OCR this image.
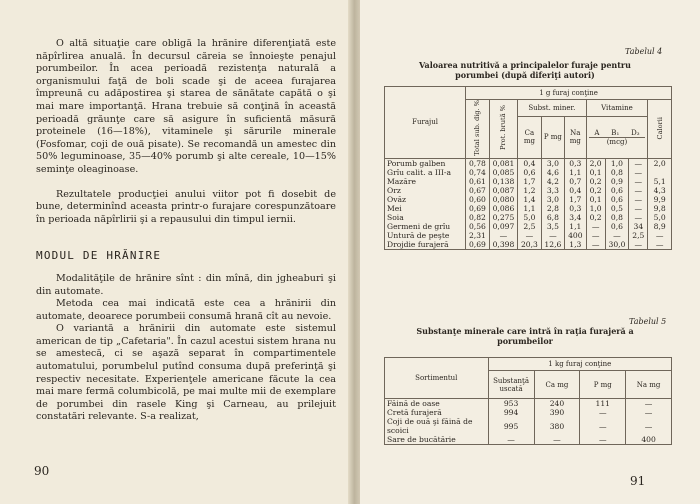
O altă situaţie care obligă la hrănire diferenţiată este năpîrlirea anuală. În decursul căreia se înnoieşte penajul porumbeilor. În acea perioadă rezistenţa naturală a organismului faţă de boli scade şi de aceea furajarea împreună cu adăpostirea şi starea de sănătate capătă o şi mai mare importanţă. Hrana trebuie să conţină în această perioadă grăunţe care să asigure în suficientă măsură proteinele (16—18%), vitaminele şi sărurile minerale (Fosfomar, coji de ouă pisate). Se recomandă un amestec din 50% leguminoase, 35—40% porumb şi alte cereale, 10—15% seminţe oleaginoase.

Rezultatele producţiei anului viitor pot fi dosebit de bune, determinînd aceasta printr-o furajare corespunzătoare în perioada năpîrlirii şi a repausului din timpul iernii.

MODUL DE HRĂNIRE

Modalităţile de hrănire sînt : din mînă, din jgheaburi şi din automate.

Metoda cea mai indicată este cea a hrănirii din automate, deoarece porumbeii consumă hrană cît au nevoie.

O variantă a hrănirii din automate este sistemul american de tip „Cafetaria". În cazul acestui sistem hrana nu se amestecă, ci se aşază separat în compartimentele automatului, porumbelul putînd consuma după preferinţă şi respectiv necesitate. Experienţele americane făcute la cea mai mare fermă columbicolă, pe mai multe mii de exemplare de porumbei din rasele King şi Carneau, au prilejuit constatări relevante. S-a realizat,

90
Tabelul 4
Valoarea nutritivă a principalelor furaje pentru porumbei (după diferiţi autori)
Furajul	1 g furaj conţine								
	Total sub. dig. %	Prot. brută %	Subst. miner.			Vitamine			Calorii
			Ca mg	P mg	Na mg	A B₁ D₃
(mcg)			

Porumb galben	0,78	0,081	0,4	3,0	0,3	2,0	1,0	—	2,0
Grîu calit. a III-a	0,74	0,085	0,6	4,6	1,1	0,1	0,8	—	
Mazăre	0,61	0,138	1,7	4,2	0,7	0,2	0,9	—	5,1
Orz	0,67	0,087	1,2	3,3	0,4	0,2	0,6	—	4,3
Ovăz	0,60	0,080	1,4	3,0	1,7	0,1	0,6	—	9,9
Mei	0,69	0,086	1,1	2,8	0,3	1,0	0,5	—	9,8
Soia	0,82	0,275	5,0	6,8	3,4	0,2	0,8	—	5,0
Germeni de grîu	0,56	0,097	2,5	3,5	1,1	—	0,6	34	8,9
Untură de peşte	2,31	—	—	—	400	—	—	2,5	—
Drojdie furajeră	0,69	0,398	20,3	12,6	1,3	—	30,0	—	—
Tabelul 5
Substanţe minerale care intră în raţia furajeră a porumbeilor
Sortimentul	1 kg furaj conţine			
	Substanţă uscată	Ca mg	P mg	Na mg
Făină de oase	953	240	111	—
Cretă furajeră	994	390	—	—
Coji de ouă şi făină de scoici	995	380	—	—
Sare de bucătărie	—	—	—	400
91
